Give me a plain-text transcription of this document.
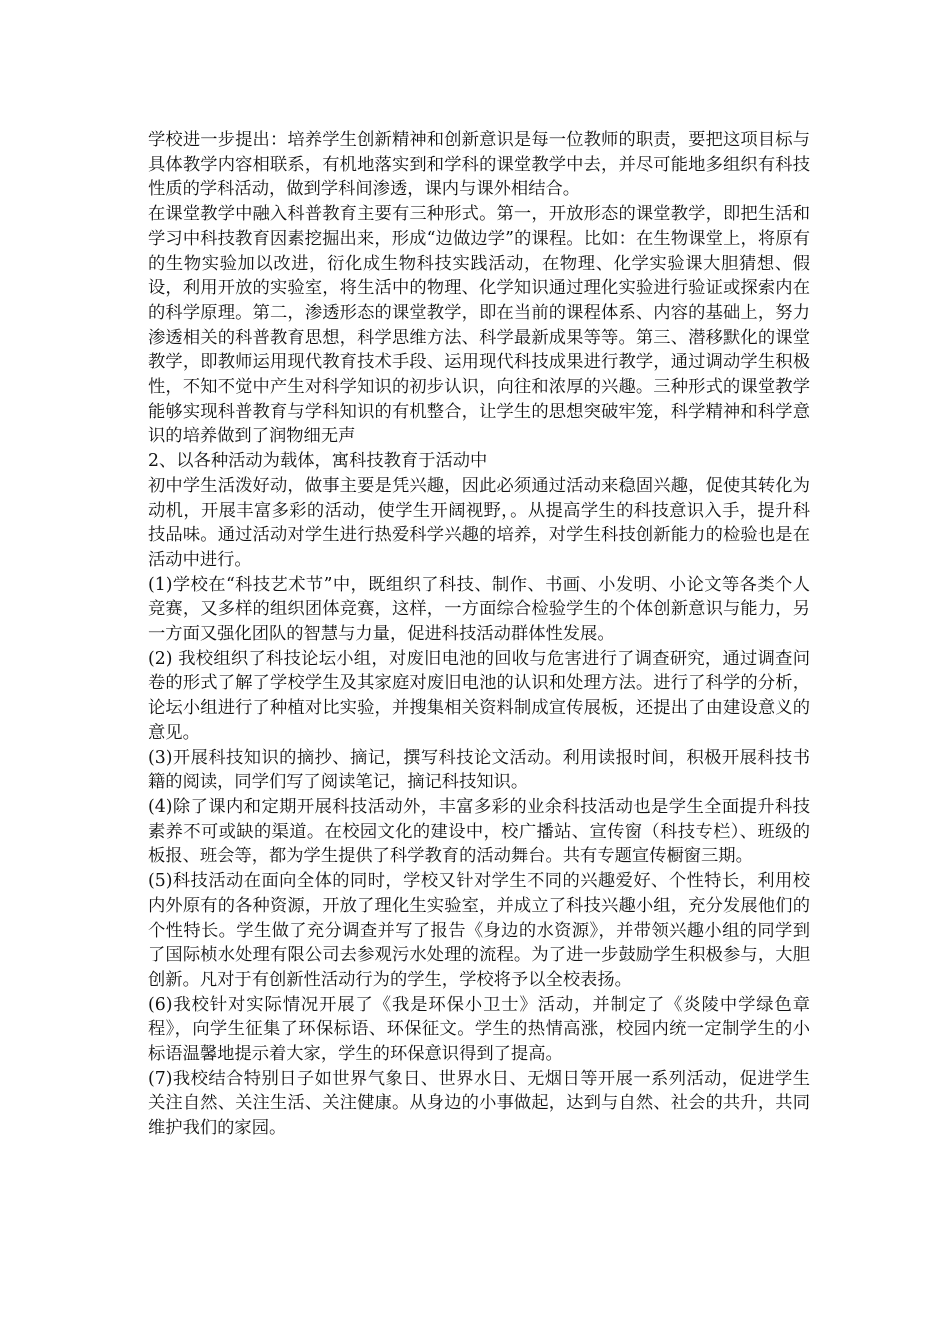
学校进一步提出：培养学生创新精神和创新意识是每一位教师的职责，要把这项目标与具体教学内容相联系，有机地落实到和学科的课堂教学中去，并尽可能地多组织有科技性质的学科活动，做到学科间渗透，课内与课外相结合。

在课堂教学中融入科普教育主要有三种形式。第一，开放形态的课堂教学，即把生活和学习中科技教育因素挖掘出来，形成“边做边学”的课程。比如：在生物课堂上，将原有的生物实验加以改进，衍化成生物科技实践活动，在物理、化学实验课大胆猜想、假设，利用开放的实验室，将生活中的物理、化学知识通过理化实验进行验证或探索内在的科学原理。第二，渗透形态的课堂教学，即在当前的课程体系、内容的基础上，努力渗透相关的科普教育思想，科学思维方法、科学最新成果等等。第三、潜移默化的课堂教学，即教师运用现代教育技术手段、运用现代科技成果进行教学，通过调动学生积极性，不知不觉中产生对科学知识的初步认识，向往和浓厚的兴趣。三种形式的课堂教学能够实现科普教育与学科知识的有机整合，让学生的思想突破牢笼，科学精神和科学意识的培养做到了润物细无声

2、以各种活动为载体，寓科技教育于活动中

初中学生活泼好动，做事主要是凭兴趣，因此必须通过活动来稳固兴趣，促使其转化为动机，开展丰富多彩的活动，使学生开阔视野，。从提高学生的科技意识入手，提升科技品味。通过活动对学生进行热爱科学兴趣的培养，对学生科技创新能力的检验也是在活动中进行。

(1)学校在“科技艺术节”中，既组织了科技、制作、书画、小发明、小论文等各类个人竞赛，又多样的组织团体竞赛，这样，一方面综合检验学生的个体创新意识与能力，另一方面又强化团队的智慧与力量，促进科技活动群体性发展。

(2) 我校组织了科技论坛小组，对废旧电池的回收与危害进行了调查研究，通过调查问卷的形式了解了学校学生及其家庭对废旧电池的认识和处理方法。进行了科学的分析，论坛小组进行了种植对比实验，并搜集相关资料制成宣传展板，还提出了由建设意义的意见。

(3)开展科技知识的摘抄、摘记，撰写科技论文活动。利用读报时间，积极开展科技书籍的阅读，同学们写了阅读笔记，摘记科技知识。

(4)除了课内和定期开展科技活动外，丰富多彩的业余科技活动也是学生全面提升科技素养不可或缺的渠道。在校园文化的建设中，校广播站、宣传窗（科技专栏）、班级的板报、班会等，都为学生提供了科学教育的活动舞台。共有专题宣传橱窗三期。

(5)科技活动在面向全体的同时，学校又针对学生不同的兴趣爱好、个性特长，利用校内外原有的各种资源，开放了理化生实验室，并成立了科技兴趣小组，充分发展他们的个性特长。学生做了充分调查并写了报告《身边的水资源》，并带领兴趣小组的同学到了国际桢水处理有限公司去参观污水处理的流程。为了进一步鼓励学生积极参与，大胆创新。凡对于有创新性活动行为的学生，学校将予以全校表扬。

(6)我校针对实际情况开展了《我是环保小卫士》活动，并制定了《炎陵中学绿色章程》，向学生征集了环保标语、环保征文。学生的热情高涨，校园内统一定制学生的小标语温馨地提示着大家，学生的环保意识得到了提高。

(7)我校结合特别日子如世界气象日、世界水日、无烟日等开展一系列活动，促进学生关注自然、关注生活、关注健康。从身边的小事做起，达到与自然、社会的共升，共同维护我们的家园。
